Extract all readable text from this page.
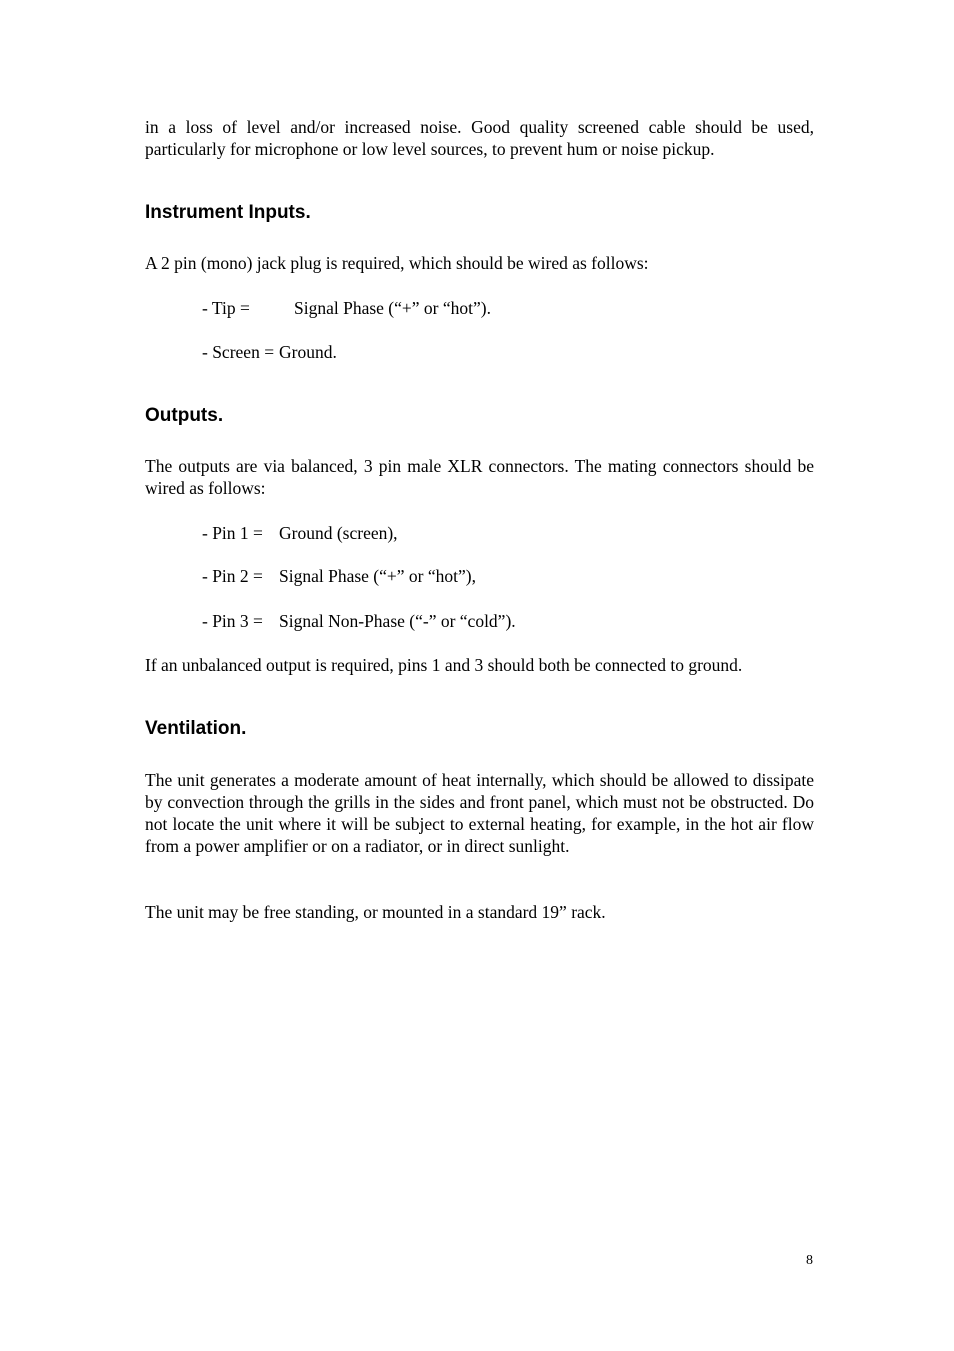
in a loss of level and/or increased noise. Good quality screened cable should be used, particularly for microphone or low level sources, to prevent hum or noise pickup.

Instrument Inputs.

A 2 pin (mono) jack plug is required, which should be wired as follows:

- Tip =	Signal Phase (“+” or “hot”).

- Screen = Ground.

Outputs.

The outputs are via balanced, 3 pin male XLR connectors. The mating connectors should be wired as follows:

- Pin 1 = Ground (screen),

- Pin 2 = Signal Phase (“+” or “hot”),

- Pin 3 = Signal Non-Phase (“-” or “cold”).

If an unbalanced output is required, pins 1 and 3 should both be connected to ground.

Ventilation.

The unit generates a moderate amount of heat internally, which should be allowed to dissipate by convection through the grills in the sides and front panel, which must not be obstructed. Do not locate the unit where it will be subject to external heating, for example, in the hot air flow from a power amplifier or on a radiator, or in direct sunlight.

The unit may be free standing, or mounted in a standard 19” rack.

8
